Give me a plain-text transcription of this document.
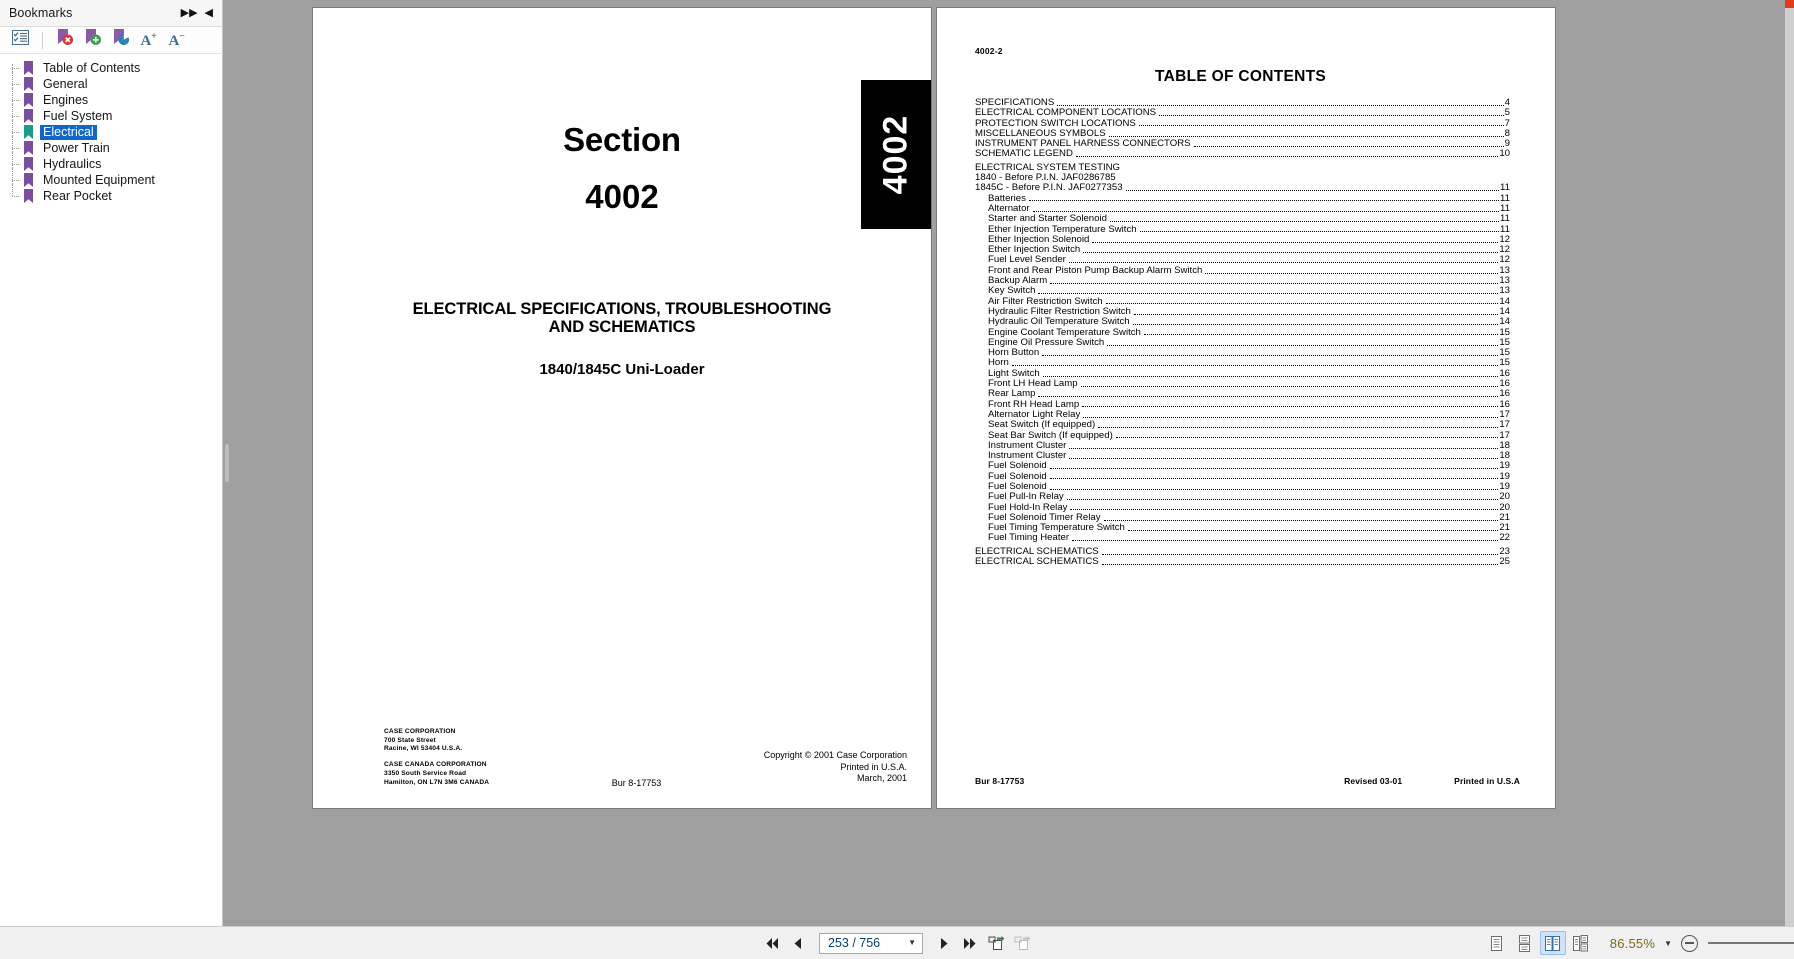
Bookmarks	▶▶ ◀
A+ A−
Table of Contents
General
Engines
Fuel System
Electrical
Power Train
Hydraulics
Mounted Equipment
Rear Pocket
4002
Section
4002
ELECTRICAL SPECIFICATIONS, TROUBLESHOOTING
AND SCHEMATICS
1840/1845C Uni-Loader
CASE CORPORATION
700 State Street
Racine, WI 53404 U.S.A.
CASE CANADA CORPORATION
3350 South Service Road
Hamilton, ON L7N 3M6 CANADA	Bur 8-17753
Copyright © 2001 Case Corporation
Printed in U.S.A.
March, 2001
4002-2
TABLE OF CONTENTS
SPECIFICATIONS	4
ELECTRICAL COMPONENT LOCATIONS	5
PROTECTION SWITCH LOCATIONS	7
MISCELLANEOUS SYMBOLS	8
INSTRUMENT PANEL HARNESS CONNECTORS	9
SCHEMATIC LEGEND	10
ELECTRICAL SYSTEM TESTING
1840 - Before P.I.N. JAF0286785
1845C - Before P.I.N. JAF0277353	11
Batteries	11
Alternator	11
Starter and Starter Solenoid	11
Ether Injection Temperature Switch	11
Ether Injection Solenoid	12
Ether Injection Switch	12
Fuel Level Sender	12
Front and Rear Piston Pump Backup Alarm Switch	13
Backup Alarm	13
Key Switch	13
Air Filter Restriction Switch	14
Hydraulic Filter Restriction Switch	14
Hydraulic Oil Temperature Switch	14
Engine Coolant Temperature Switch	15
Engine Oil Pressure Switch	15
Horn Button	15
Horn	15
Light Switch	16
Front LH Head Lamp	16
Rear Lamp	16
Front RH Head Lamp	16
Alternator Light Relay	17
Seat Switch (If equipped)	17
Seat Bar Switch (If equipped)	17
Instrument Cluster	18
Instrument Cluster	18
Fuel Solenoid	19
Fuel Solenoid	19
Fuel Solenoid	19
Fuel Pull-In Relay	20
Fuel Hold-In Relay	20
Fuel Solenoid Timer Relay	21
Fuel Timing Temperature Switch	21
Fuel Timing Heater	22
ELECTRICAL SCHEMATICS	23
ELECTRICAL SCHEMATICS	25
Bur 8-17753	Revised 03-01	Printed in U.S.A
253 / 756	▼	86.55% ▼
